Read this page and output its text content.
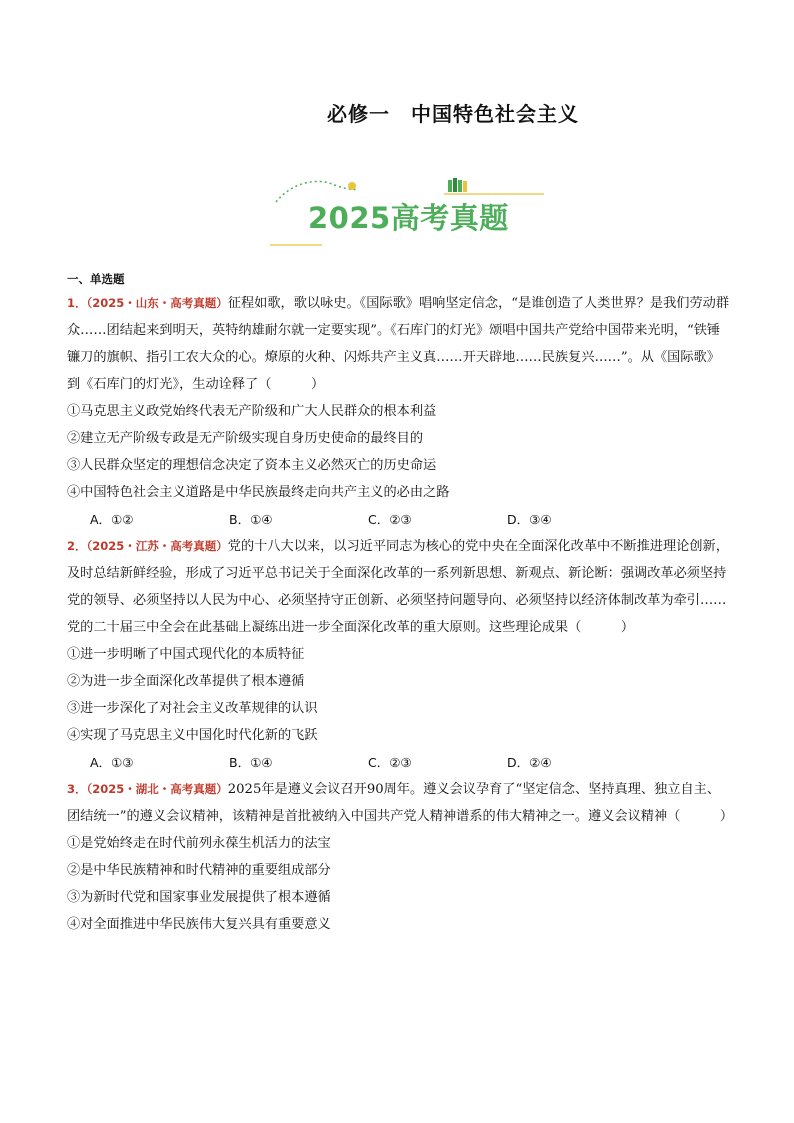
必修一　中国特色社会主义
2025高考真题
一、单选题

1．（2025・山东・高考真题）征程如歌，歌以咏史。《国际歌》唱响坚定信念，“是谁创造了人类世界？是我们劳动群众……团结起来到明天，英特纳雄耐尔就一定要实现”。《石库门的灯光》颂唱中国共产党给中国带来光明，“铁锤镰刀的旗帜、指引工农大众的心。燎原的火种、闪烁共产主义真……开天辟地……民族复兴……”。从《国际歌》到《石库门的灯光》，生动诠释了（　　　）

①马克思主义政党始终代表无产阶级和广大人民群众的根本利益

②建立无产阶级专政是无产阶级实现自身历史使命的最终目的

③人民群众坚定的理想信念决定了资本主义必然灭亡的历史命运

④中国特色社会主义道路是中华民族最终走向共产主义的必由之路

A．①②	B．①④	C．②③	D．③④

2．（2025・江苏・高考真题）党的十八大以来，以习近平同志为核心的党中央在全面深化改革中不断推进理论创新，及时总结新鲜经验，形成了习近平总书记关于全面深化改革的一系列新思想、新观点、新论断：强调改革必须坚持党的领导、必须坚持以人民为中心、必须坚持守正创新、必须坚持问题导向、必须坚持以经济体制改革为牵引……党的二十届三中全会在此基础上凝练出进一步全面深化改革的重大原则。这些理论成果（　　　）

①进一步明晰了中国式现代化的本质特征

②为进一步全面深化改革提供了根本遵循

③进一步深化了对社会主义改革规律的认识

④实现了马克思主义中国化时代化新的飞跃

A．①③	B．①④	C．②③	D．②④

3．（2025・湖北・高考真题）2025年是遵义会议召开90周年。遵义会议孕育了“坚定信念、坚持真理、独立自主、团结统一”的遵义会议精神，该精神是首批被纳入中国共产党人精神谱系的伟大精神之一。遵义会议精神（　　　）

①是党始终走在时代前列永葆生机活力的法宝

②是中华民族精神和时代精神的重要组成部分

③为新时代党和国家事业发展提供了根本遵循

④对全面推进中华民族伟大复兴具有重要意义
